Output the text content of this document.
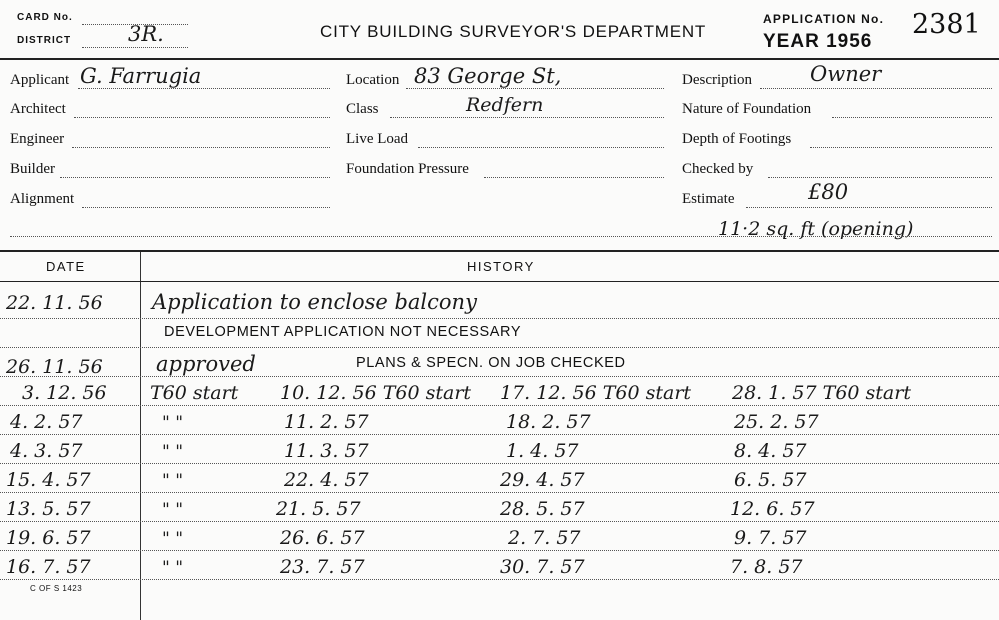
CARD No.
DISTRICT	3R.	CITY BUILDING SURVEYOR'S DEPARTMENT
APPLICATION No. 2381
YEAR 1956
Applicant G. Farrugia
Architect
Engineer
Builder
Alignment
Location 83 George St,
Class	Redfern
Live Load
Foundation Pressure
Description	Owner
Nature of Foundation
Depth of Footings
Checked by
Estimate	£80
11·2 sq. ft (opening)
DATE	HISTORY
22. 11. 56 Application to enclose balcony
DEVELOPMENT APPLICATION NOT NECESSARY
26. 11. 56	approved	PLANS & SPECN. ON JOB CHECKED
3. 12. 56 T60 start 10. 12. 56 T60 start 17. 12. 56 T60 start 28. 1. 57 T60 start
4. 2. 57	" "	11. 2. 57	18. 2. 57	25. 2. 57
4. 3. 57	" "	11. 3. 57	1. 4. 57	8. 4. 57
15. 4. 57	" "	22. 4. 57	29. 4. 57	6. 5. 57
13. 5. 57	" "	21. 5. 57	28. 5. 57	12. 6. 57
19. 6. 57	" "	26. 6. 57	2. 7. 57	9. 7. 57
16. 7. 57	" "	23. 7. 57	30. 7. 57	7. 8. 57
C OF S 1423
